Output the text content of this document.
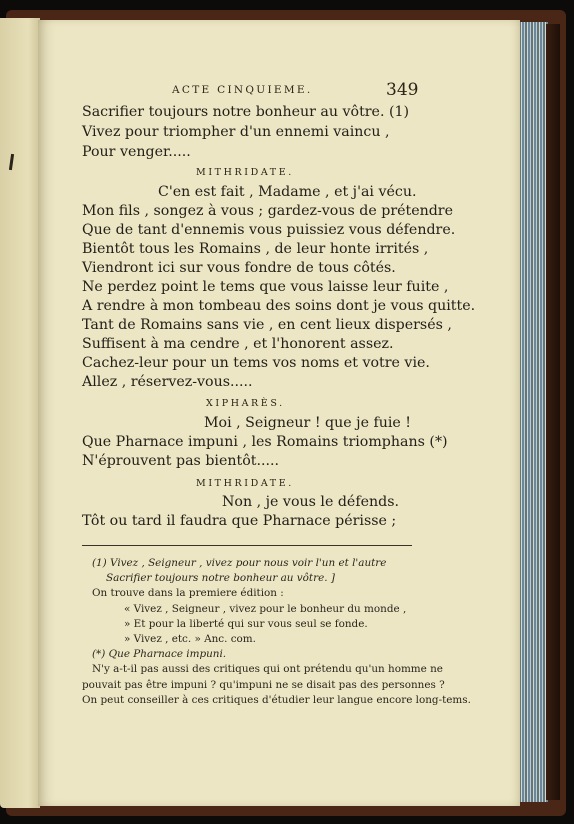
ACTE CINQUIEME.	349
Sacrifier toujours notre bonheur au vôtre. (1)
Vivez pour triompher d'un ennemi vaincu ,
Pour venger.....
MITHRIDATE.
C'en est fait , Madame , et j'ai vécu.
Mon fils , songez à vous ; gardez-vous de prétendre
Que de tant d'ennemis vous puissiez vous défendre.
Bientôt tous les Romains , de leur honte irrités ,
Viendront ici sur vous fondre de tous côtés.
Ne perdez point le tems que vous laisse leur fuite ,
A rendre à mon tombeau des soins dont je vous quitte.
Tant de Romains sans vie , en cent lieux dispersés ,
Suffisent à ma cendre , et l'honorent assez.
Cachez-leur pour un tems vos noms et votre vie.
Allez , réservez-vous.....
XIPHARÈS.
Moi , Seigneur ! que je fuie !
Que Pharnace impuni , les Romains triomphans (*)
N'éprouvent pas bientôt.....
MITHRIDATE.
Non , je vous le défends.
Tôt ou tard il faudra que Pharnace périsse ;
(1) Vivez , Seigneur , vivez pour nous voir l'un et l'autre
Sacrifier toujours notre bonheur au vôtre. ]
On trouve dans la premiere édition :
« Vivez , Seigneur , vivez pour le bonheur du monde ,
» Et pour la liberté qui sur vous seul se fonde.
» Vivez , etc. » Anc. com.
(*) Que Pharnace impuni.
N'y a-t-il pas aussi des critiques qui ont prétendu qu'un homme ne
pouvait pas être impuni ? qu'impuni ne se disait pas des personnes ?
On peut conseiller à ces critiques d'étudier leur langue encore long-tems.
